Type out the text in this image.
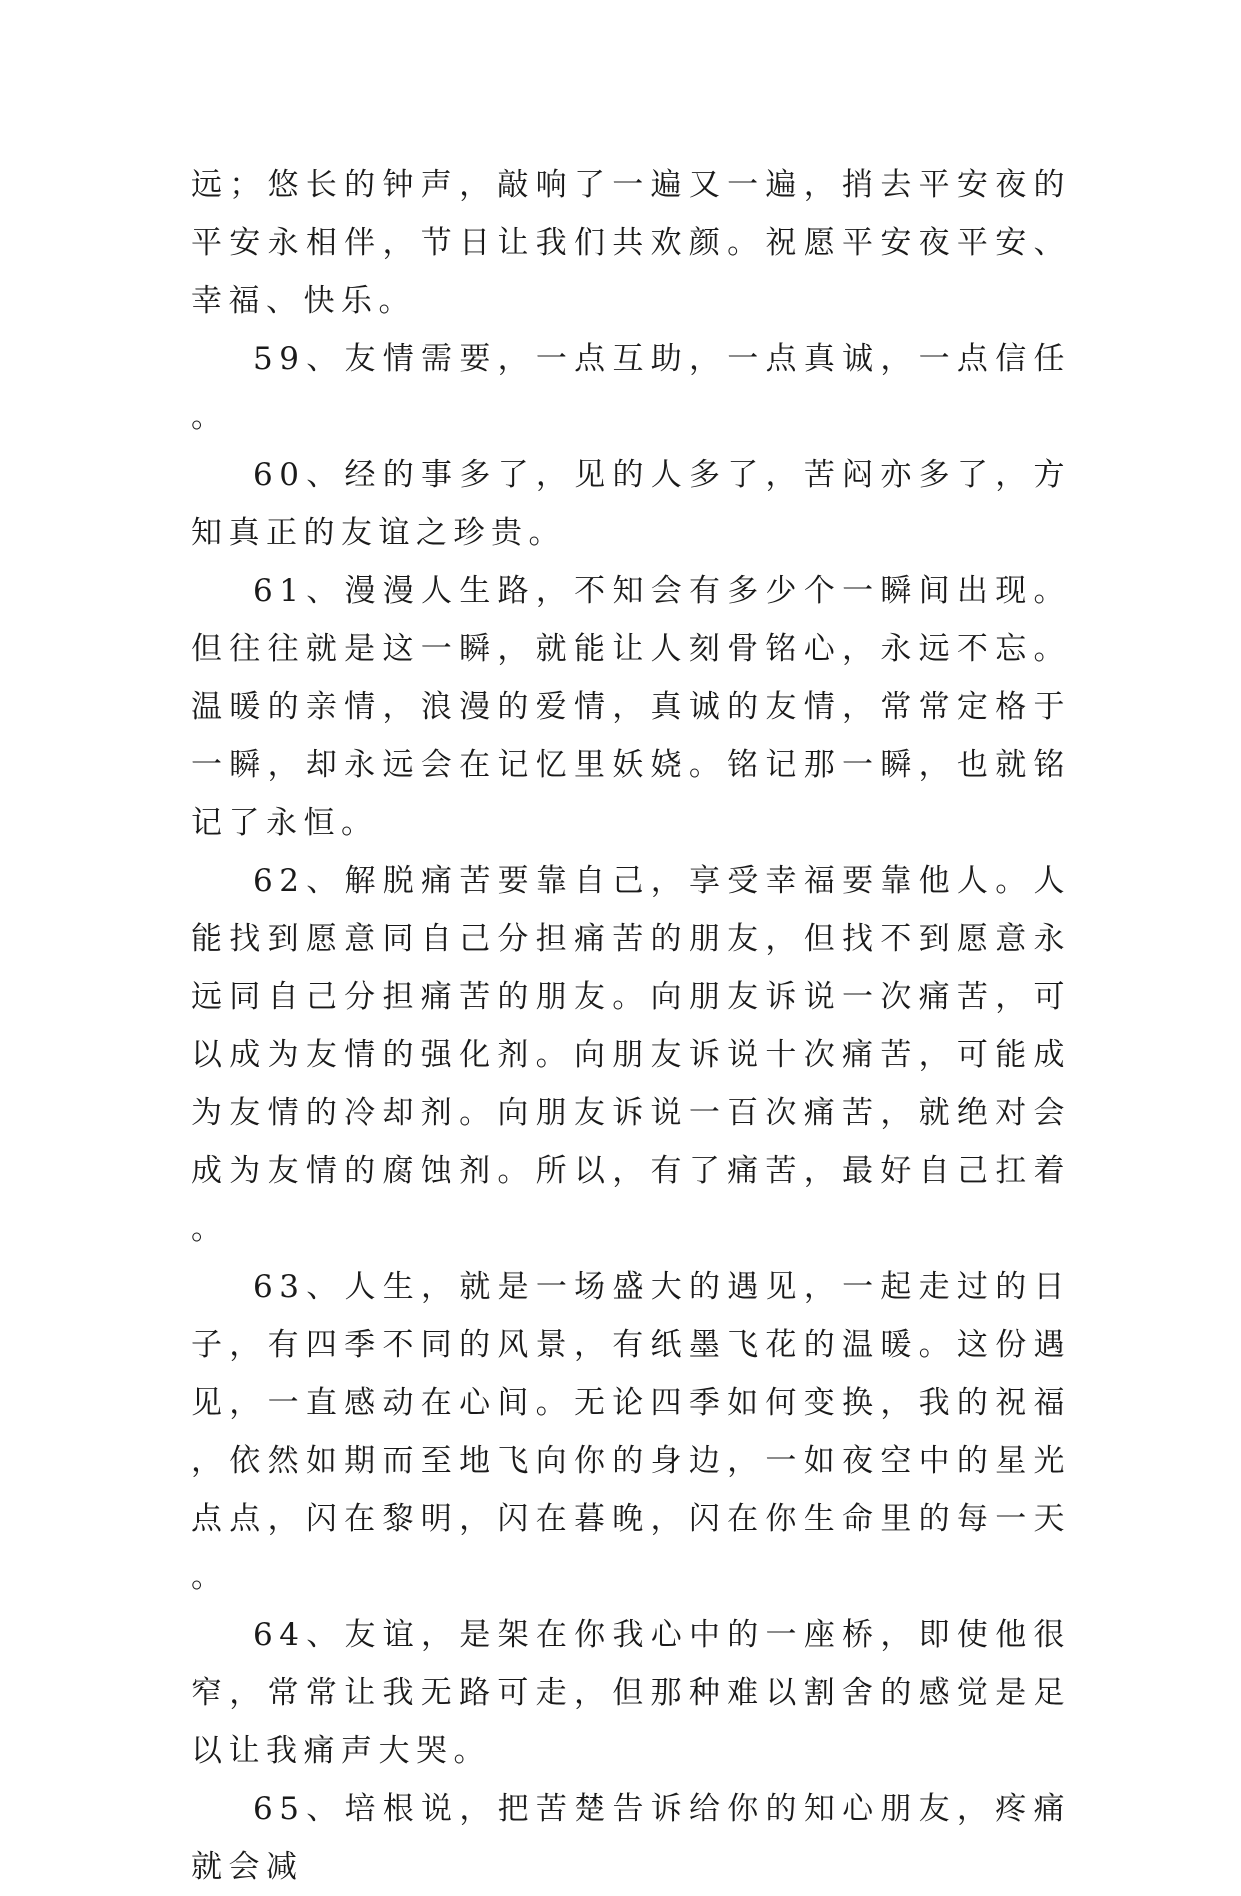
远；悠长的钟声，敲响了一遍又一遍，捎去平安夜的平安永相伴，节日让我们共欢颜。祝愿平安夜平安、幸福、快乐。

59、友情需要，一点互助，一点真诚，一点信任。

60、经的事多了，见的人多了，苦闷亦多了，方知真正的友谊之珍贵。

61、漫漫人生路，不知会有多少个一瞬间出现。但往往就是这一瞬，就能让人刻骨铭心，永远不忘。温暖的亲情，浪漫的爱情，真诚的友情，常常定格于一瞬，却永远会在记忆里妖娆。铭记那一瞬，也就铭记了永恒。

62、解脱痛苦要靠自己，享受幸福要靠他人。人能找到愿意同自己分担痛苦的朋友，但找不到愿意永远同自己分担痛苦的朋友。向朋友诉说一次痛苦，可以成为友情的强化剂。向朋友诉说十次痛苦，可能成为友情的冷却剂。向朋友诉说一百次痛苦，就绝对会成为友情的腐蚀剂。所以，有了痛苦，最好自己扛着。

63、人生，就是一场盛大的遇见，一起走过的日子，有四季不同的风景，有纸墨飞花的温暖。这份遇见，一直感动在心间。无论四季如何变换，我的祝福，依然如期而至地飞向你的身边，一如夜空中的星光点点，闪在黎明，闪在暮晚，闪在你生命里的每一天。

64、友谊，是架在你我心中的一座桥，即使他很窄，常常让我无路可走，但那种难以割舍的感觉是足以让我痛声大哭。

65、培根说，把苦楚告诉给你的知心朋友，疼痛就会减
